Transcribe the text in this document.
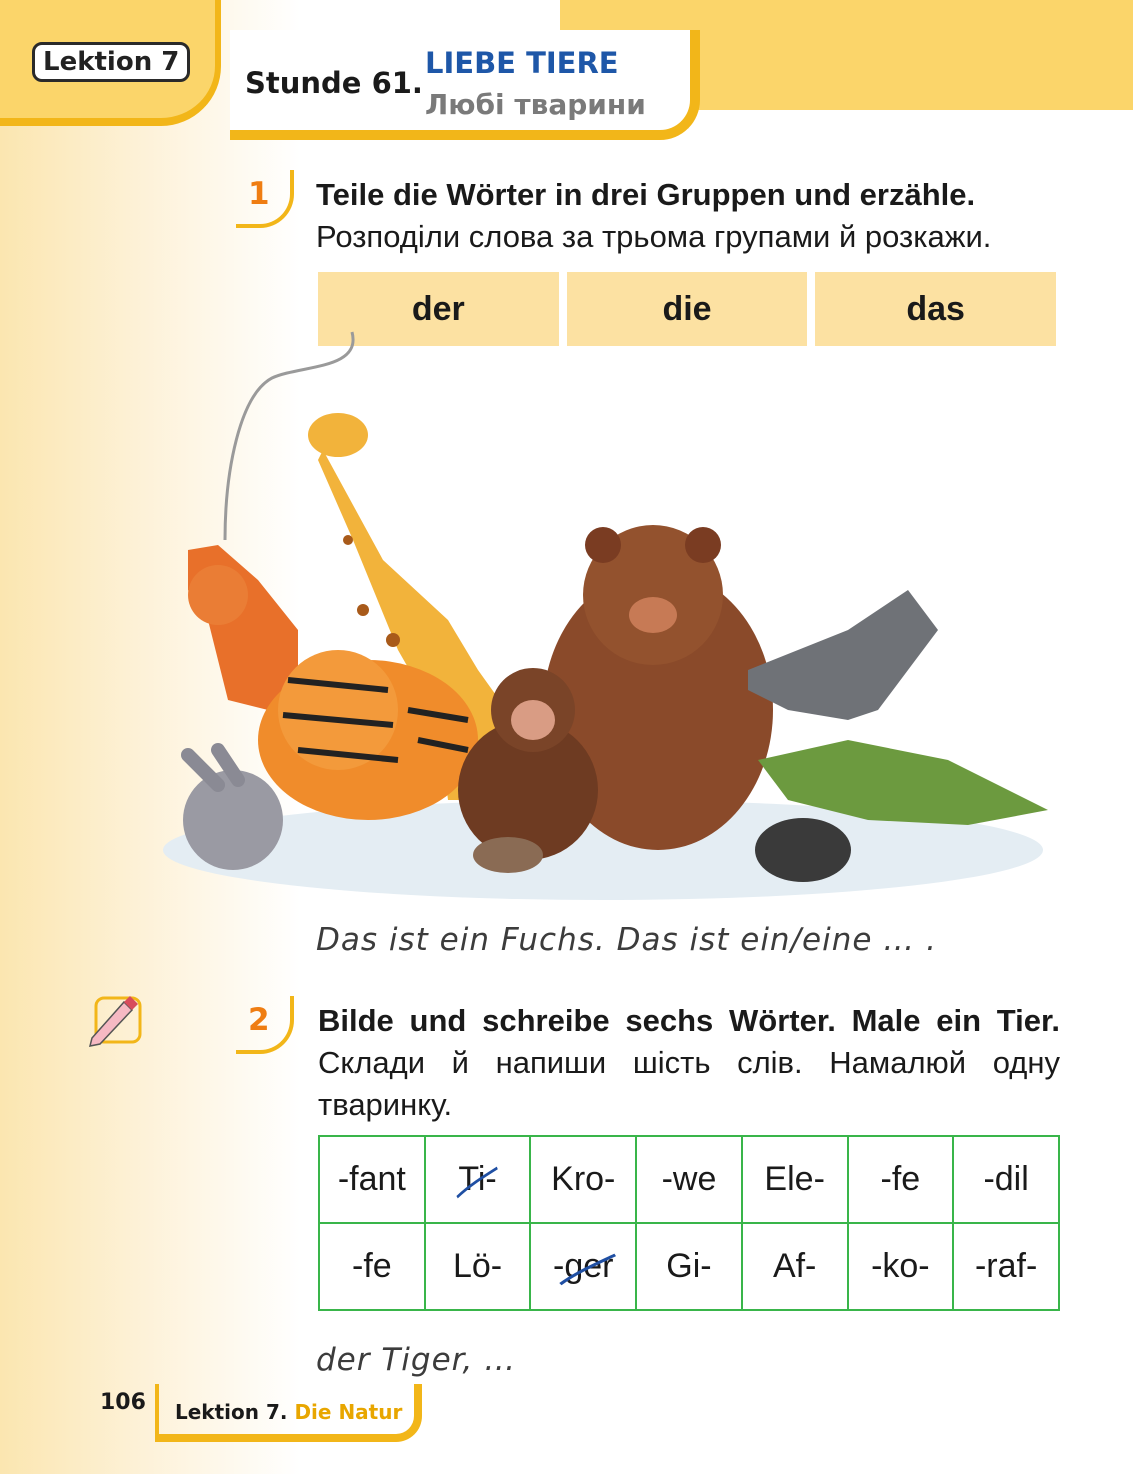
Lektion 7
Stunde 61.
LIEBE TIERE
Любі тварини
1 Teile die Wörter in drei Gruppen und erzähle.
Розподіли слова за трьома групами й розкажи.
der	die	das
Das ist ein Fuchs. Das ist ein/eine … .
2 Bilde und schreibe sechs Wörter. Male ein Tier. Склади й напиши шість слів. Намалюй одну тваринку.
-fant	Ti-	Kro-	-we	Ele-	-fe	-dil
-fe	Lö-	-ger	Gi-	Af-	-ko-	-raf-
der Tiger, …
106 Lektion 7. Die Natur
